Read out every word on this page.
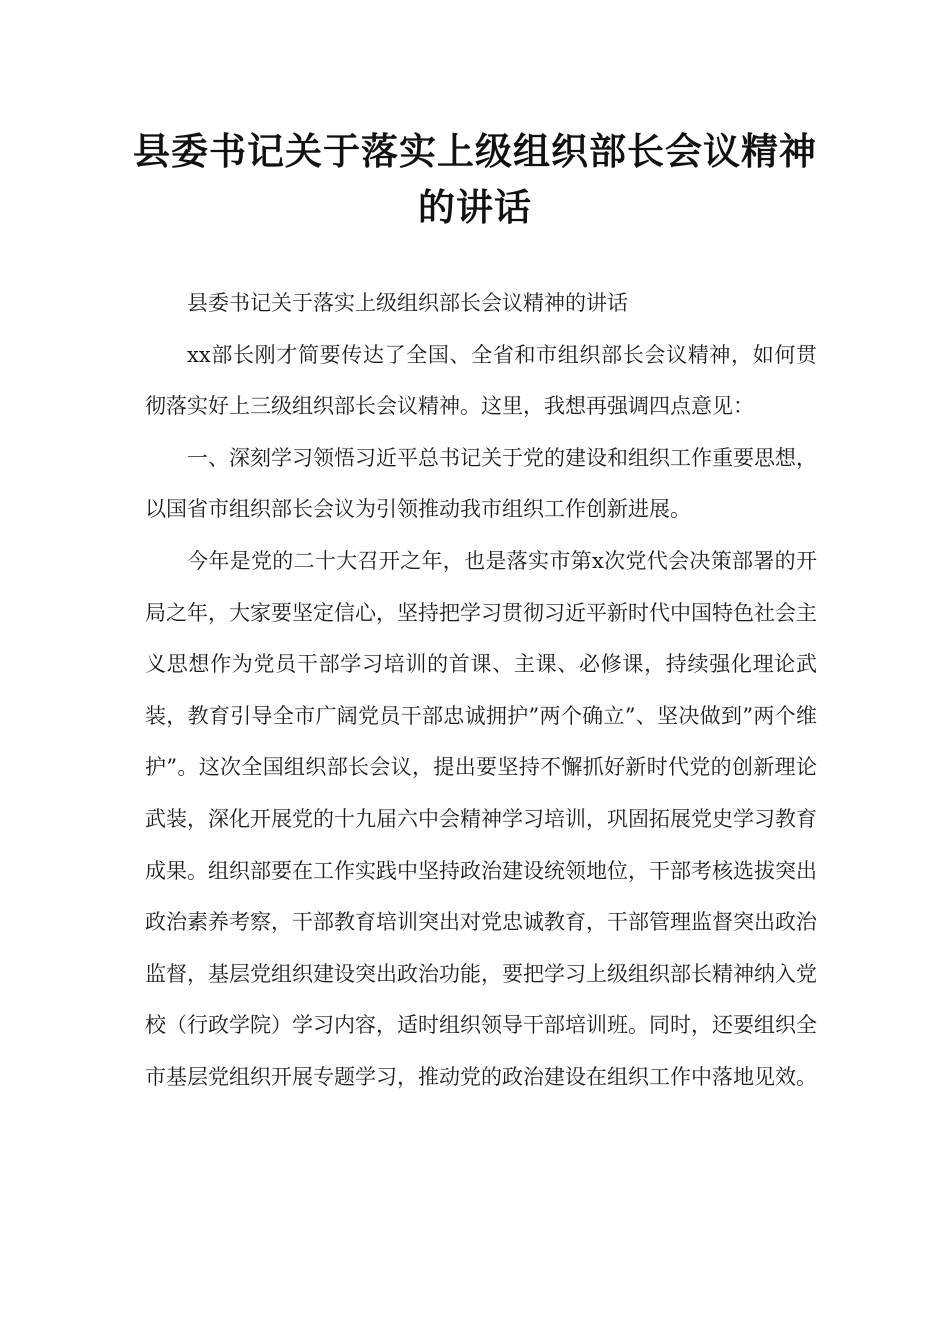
县委书记关于落实上级组织部长会议精神的讲话

县委书记关于落实上级组织部长会议精神的讲话

xx部长刚才简要传达了全国、全省和市组织部长会议精神，如何贯彻落实好上三级组织部长会议精神。这里，我想再强调四点意见：

一、深刻学习领悟习近平总书记关于党的建设和组织工作重要思想，以国省市组织部长会议为引领推动我市组织工作创新进展。

今年是党的二十大召开之年，也是落实市第x次党代会决策部署的开局之年，大家要坚定信心，坚持把学习贯彻习近平新时代中国特色社会主义思想作为党员干部学习培训的首课、主课、必修课，持续强化理论武装，教育引导全市广阔党员干部忠诚拥护”两个确立”、坚决做到”两个维护”。这次全国组织部长会议，提出要坚持不懈抓好新时代党的创新理论武装，深化开展党的十九届六中会精神学习培训，巩固拓展党史学习教育成果。组织部要在工作实践中坚持政治建设统领地位，干部考核选拔突出政治素养考察，干部教育培训突出对党忠诚教育，干部管理监督突出政治监督，基层党组织建设突出政治功能，要把学习上级组织部长精神纳入党校（行政学院）学习内容，适时组织领导干部培训班。同时，还要组织全市基层党组织开展专题学习，推动党的政治建设在组织工作中落地见效。
